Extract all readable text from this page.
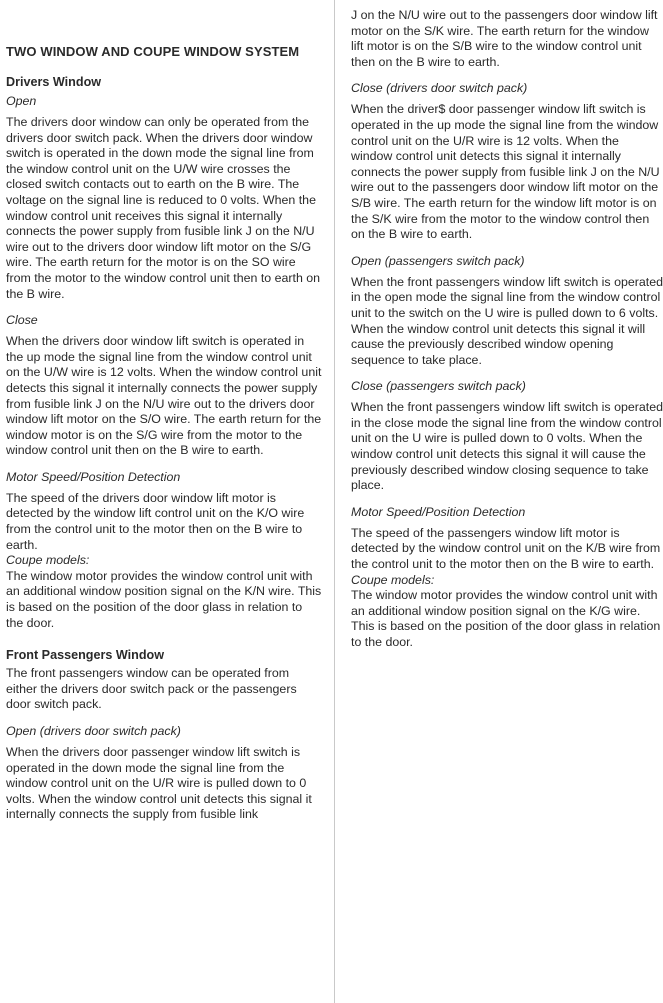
TWO WINDOW AND COUPE WINDOW SYSTEM
Drivers Window
Open

The drivers door window can only be operated from the drivers door switch pack. When the drivers door window switch is operated in the down mode the signal line from the window control unit on the U/W wire crosses the closed switch contacts out to earth on the B wire. The voltage on the signal line is reduced to 0 volts. When the window control unit receives this signal it internally connects the power supply from fusible link J on the N/U wire out to the drivers door window lift motor on the S/G wire. The earth return for the motor is on the SO wire from the motor to the window control unit then to earth on the B wire.

Close

When the drivers door window lift switch is operated in the up mode the signal line from the window control unit on the U/W wire is 12 volts. When the window control unit detects this signal it internally connects the power supply from fusible link J on the N/U wire out to the drivers door window lift motor on the S/O wire. The earth return for the window motor is on the S/G wire from the motor to the window control unit then on the B wire to earth.

Motor Speed/Position Detection

The speed of the drivers door window lift motor is detected by the window lift control unit on the K/O wire from the control unit to the motor then on the B wire to earth.

Coupe models:

The window motor provides the window control unit with an additional window position signal on the K/N wire. This is based on the position of the door glass in relation to the door.

Front Passengers Window

The front passengers window can be operated from either the drivers door switch pack or the passengers door switch pack.

Open (drivers door switch pack)

When the drivers door passenger window lift switch is operated in the down mode the signal line from the window control unit on the U/R wire is pulled down to 0 volts. When the window control unit detects this signal it internally connects the supply from fusible link

J on the N/U wire out to the passengers door window lift motor on the S/K wire. The earth return for the window lift motor is on the S/B wire to the window control unit then on the B wire to earth.

Close (drivers door switch pack)

When the driver$ door passenger window lift switch is operated in the up mode the signal line from the window control unit on the U/R wire is 12 volts. When the window control unit detects this signal it internally connects the power supply from fusible link J on the N/U wire out to the passengers door window lift motor on the S/B wire. The earth return for the window lift motor is on the S/K wire from the motor to the window control then on the B wire to earth.

Open (passengers switch pack)

When the front passengers window lift switch is operated in the open mode the signal line from the window control unit to the switch on the U wire is pulled down to 6 volts. When the window control unit detects this signal it will cause the previously described window opening sequence to take place.

Close (passengers switch pack)

When the front passengers window lift switch is operated in the close mode the signal line from the window control unit on the U wire is pulled down to 0 volts. When the window control unit detects this signal it will cause the previously described window closing sequence to take place.

Motor Speed/Position Detection

The speed of the passengers window lift motor is detected by the window control unit on the K/B wire from the control unit to the motor then on the B wire to earth.

Coupe models:

The window motor provides the window control unit with an additional window position signal on the K/G wire. This is based on the position of the door glass in relation to the door.
